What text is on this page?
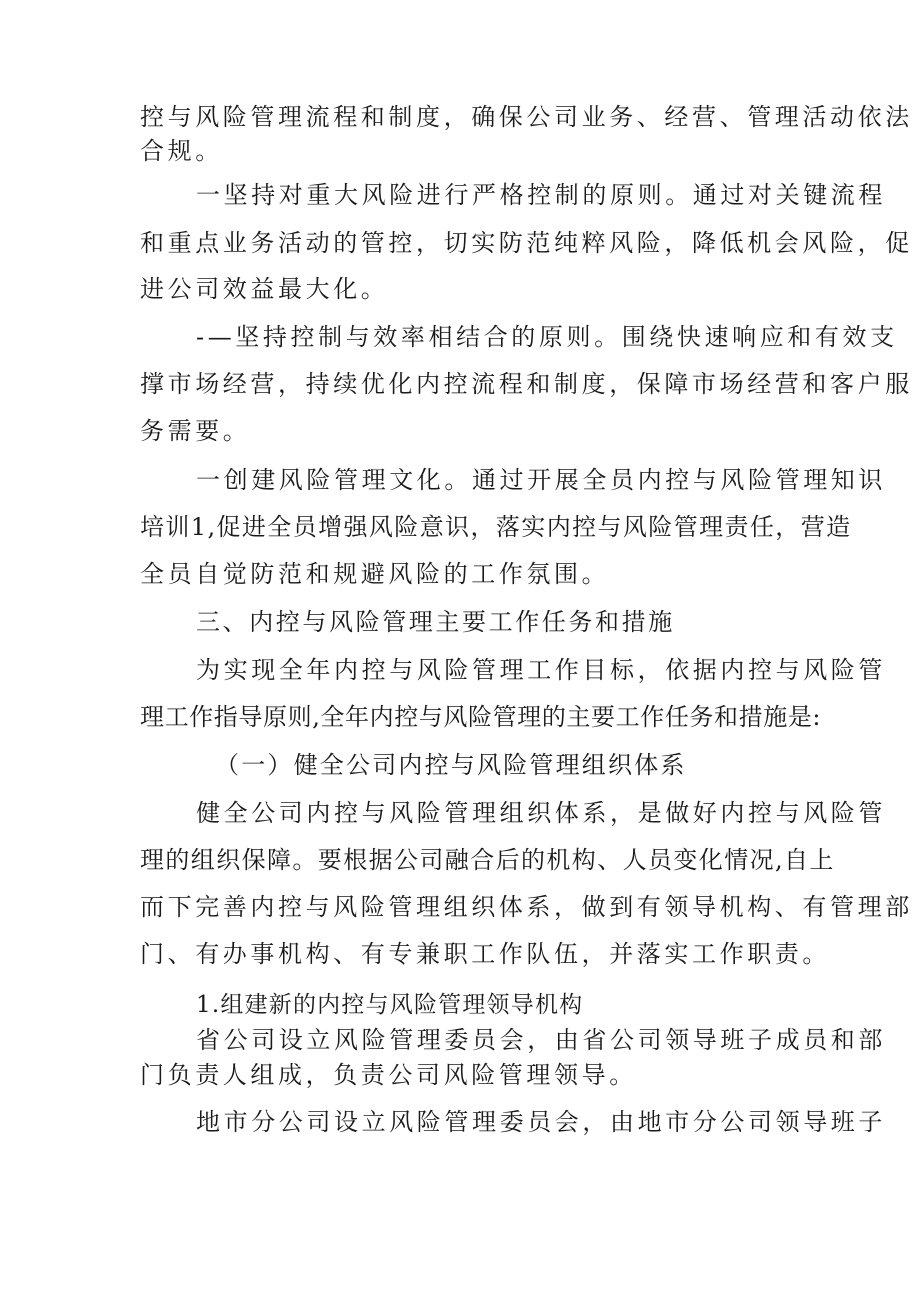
控与风险管理流程和制度，确保公司业务、经营、管理活动依法
合规。
一坚持对重大风险进行严格控制的原则。通过对关键流程
和重点业务活动的管控，切实防范纯粹风险，降低机会风险，促
进公司效益最大化。
-—坚持控制与效率相结合的原则。围绕快速响应和有效支
撑市场经营，持续优化内控流程和制度，保障市场经营和客户服
务需要。
一创建风险管理文化。通过开展全员内控与风险管理知识
培训1,促进全员增强风险意识，落实内控与风险管理责任，营造
全员自觉防范和规避风险的工作氛围。
三、内控与风险管理主要工作任务和措施
为实现全年内控与风险管理工作目标，依据内控与风险管
理工作指导原则,全年内控与风险管理的主要工作任务和措施是:
（一）健全公司内控与风险管理组织体系
健全公司内控与风险管理组织体系，是做好内控与风险管
理的组织保障。要根据公司融合后的机构、人员变化情况,自上
而下完善内控与风险管理组织体系，做到有领导机构、有管理部
门、有办事机构、有专兼职工作队伍，并落实工作职责。
1.组建新的内控与风险管理领导机构
省公司设立风险管理委员会，由省公司领导班子成员和部
门负责人组成，负责公司风险管理领导。
地市分公司设立风险管理委员会，由地市分公司领导班子
